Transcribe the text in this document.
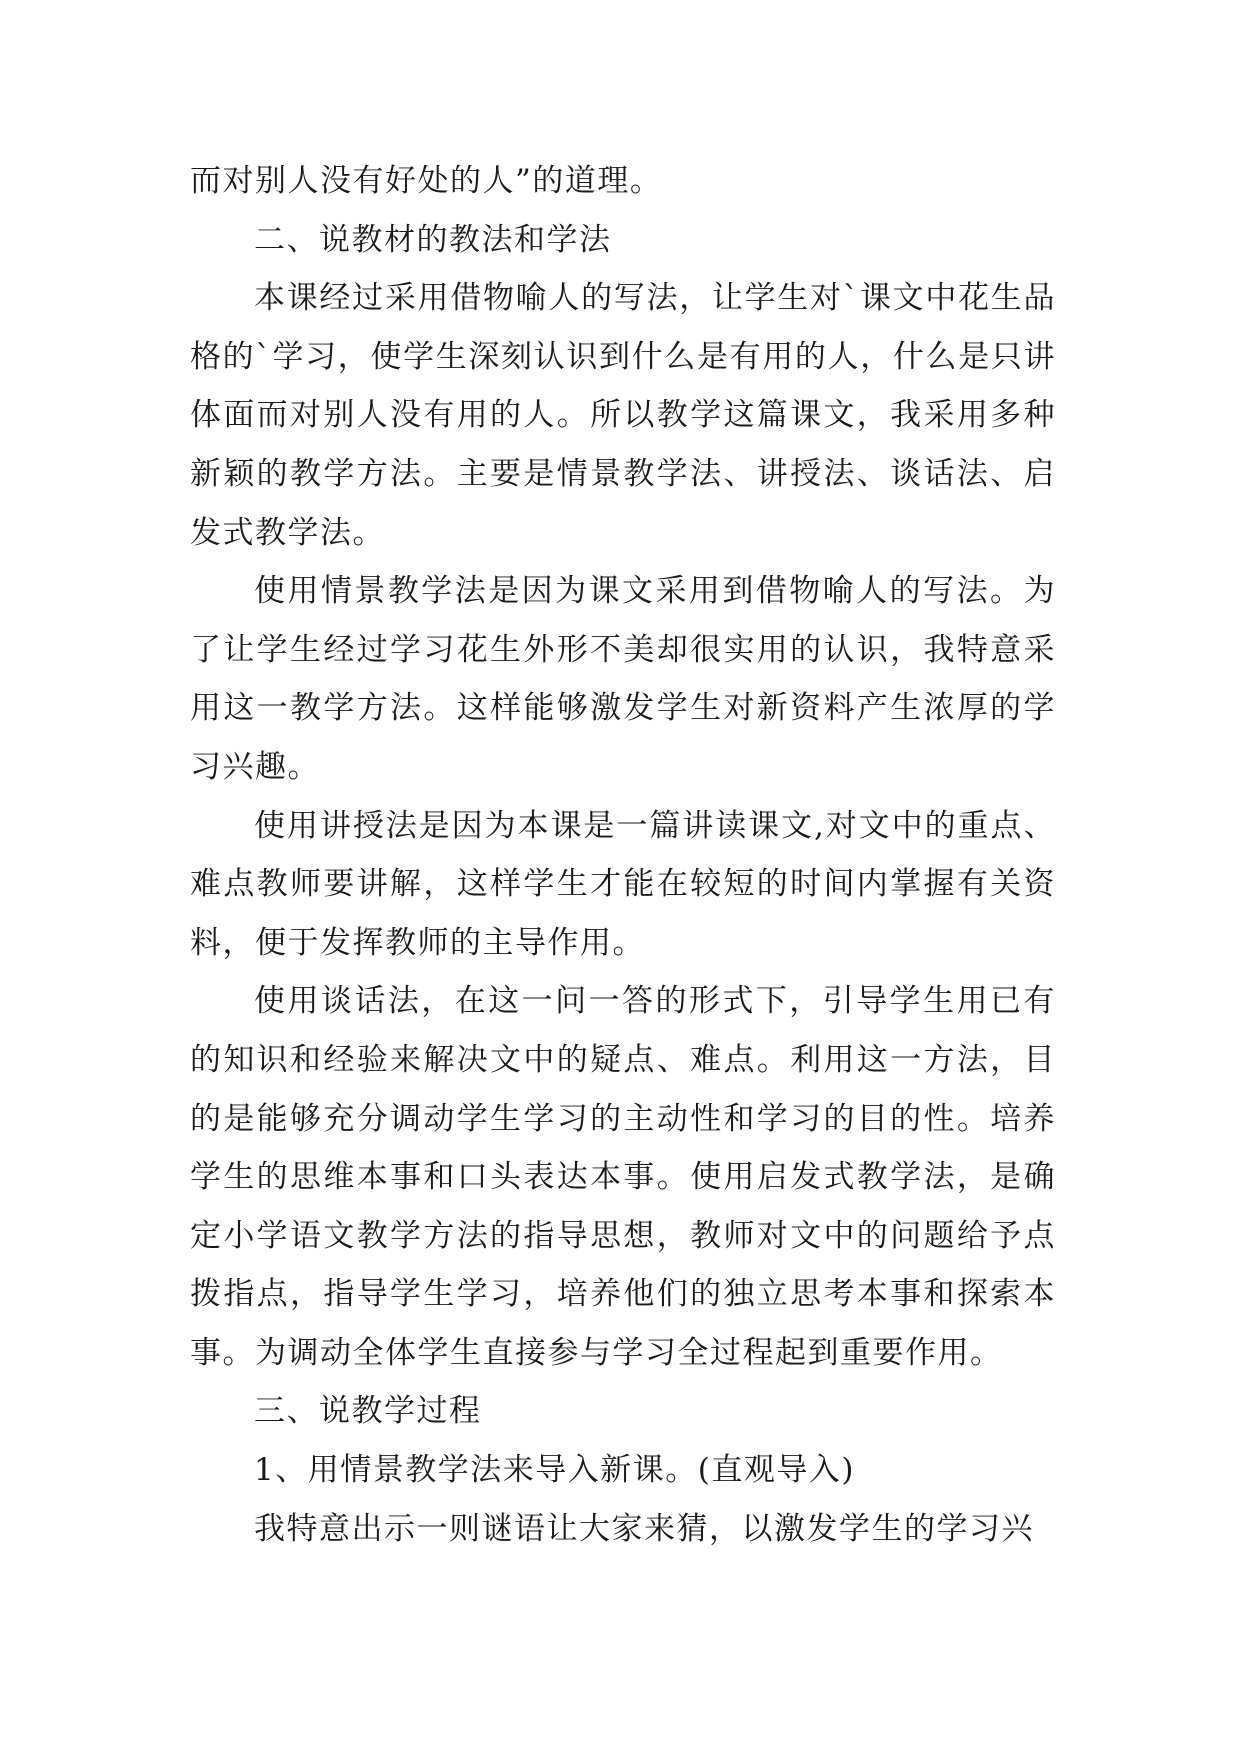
而对别人没有好处的人”的道理。

二、说教材的教法和学法

本课经过采用借物喻人的写法，让学生对`课文中花生品格的`学习，使学生深刻认识到什么是有用的人，什么是只讲体面而对别人没有用的人。所以教学这篇课文，我采用多种新颖的教学方法。主要是情景教学法、讲授法、谈话法、启发式教学法。

使用情景教学法是因为课文采用到借物喻人的写法。为了让学生经过学习花生外形不美却很实用的认识，我特意采用这一教学方法。这样能够激发学生对新资料产生浓厚的学习兴趣。

使用讲授法是因为本课是一篇讲读课文,对文中的重点、难点教师要讲解，这样学生才能在较短的时间内掌握有关资料，便于发挥教师的主导作用。

使用谈话法，在这一问一答的形式下，引导学生用已有的知识和经验来解决文中的疑点、难点。利用这一方法，目的是能够充分调动学生学习的主动性和学习的目的性。培养学生的思维本事和口头表达本事。使用启发式教学法，是确定小学语文教学方法的指导思想，教师对文中的问题给予点拨指点，指导学生学习，培养他们的独立思考本事和探索本事。为调动全体学生直接参与学习全过程起到重要作用。

三、说教学过程

1、用情景教学法来导入新课。(直观导入)

我特意出示一则谜语让大家来猜，以激发学生的学习兴
